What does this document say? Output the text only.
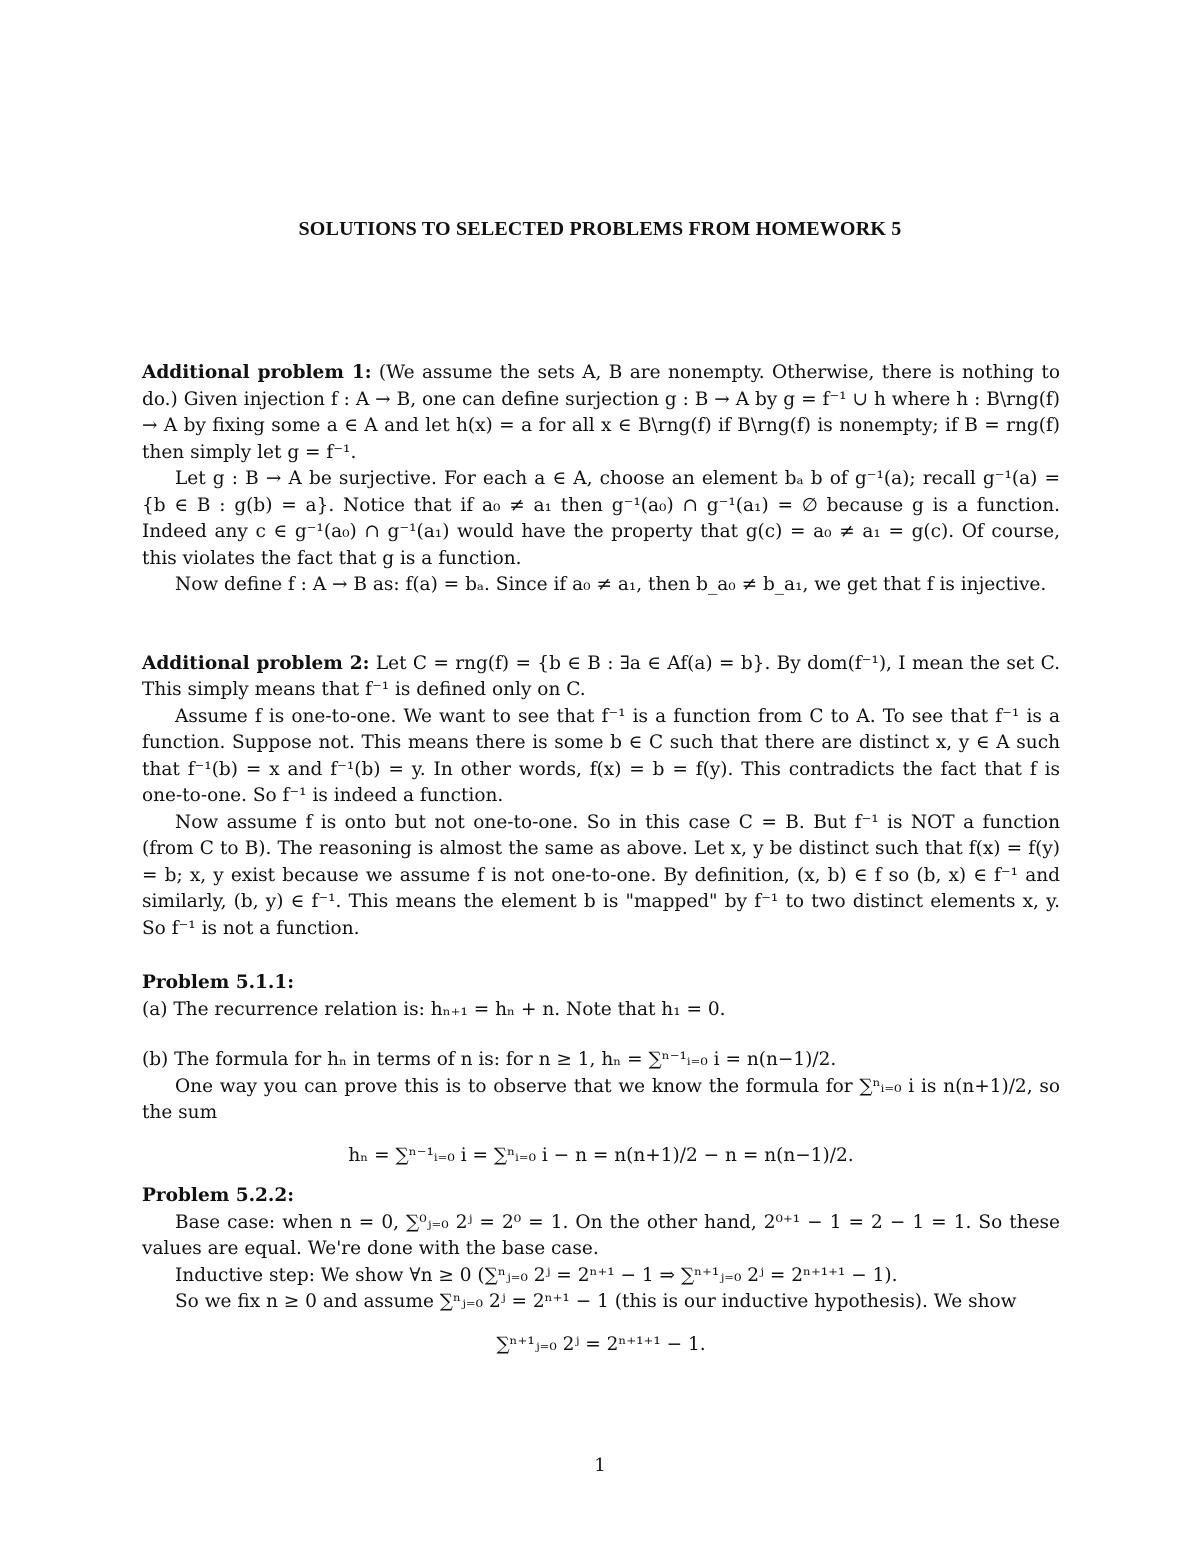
SOLUTIONS TO SELECTED PROBLEMS FROM HOMEWORK 5

Additional problem 1: (We assume the sets A, B are nonempty. Otherwise, there is nothing to do.) Given injection f : A → B, one can define surjection g : B → A by g = f⁻¹ ∪ h where h : B\rng(f) → A by fixing some a ∈ A and let h(x) = a for all x ∈ B\rng(f) if B\rng(f) is nonempty; if B = rng(f) then simply let g = f⁻¹.

Let g : B → A be surjective. For each a ∈ A, choose an element bₐ b of g⁻¹(a); recall g⁻¹(a) = {b ∈ B : g(b) = a}. Notice that if a₀ ≠ a₁ then g⁻¹(a₀) ∩ g⁻¹(a₁) = ∅ because g is a function. Indeed any c ∈ g⁻¹(a₀) ∩ g⁻¹(a₁) would have the property that g(c) = a₀ ≠ a₁ = g(c). Of course, this violates the fact that g is a function.

Now define f : A → B as: f(a) = bₐ. Since if a₀ ≠ a₁, then b_a₀ ≠ b_a₁, we get that f is injective.

Additional problem 2: Let C = rng(f) = {b ∈ B : ∃a ∈ Af(a) = b}. By dom(f⁻¹), I mean the set C. This simply means that f⁻¹ is defined only on C.

Assume f is one-to-one. We want to see that f⁻¹ is a function from C to A. To see that f⁻¹ is a function. Suppose not. This means there is some b ∈ C such that there are distinct x, y ∈ A such that f⁻¹(b) = x and f⁻¹(b) = y. In other words, f(x) = b = f(y). This contradicts the fact that f is one-to-one. So f⁻¹ is indeed a function.

Now assume f is onto but not one-to-one. So in this case C = B. But f⁻¹ is NOT a function (from C to B). The reasoning is almost the same as above. Let x, y be distinct such that f(x) = f(y) = b; x, y exist because we assume f is not one-to-one. By definition, (x, b) ∈ f so (b, x) ∈ f⁻¹ and similarly, (b, y) ∈ f⁻¹. This means the element b is "mapped" by f⁻¹ to two distinct elements x, y. So f⁻¹ is not a function.

Problem 5.1.1:

(a) The recurrence relation is: hₙ₊₁ = hₙ + n. Note that h₁ = 0.

(b) The formula for hₙ in terms of n is: for n ≥ 1, hₙ = ∑ⁿ⁻¹ᵢ₌₀ i = n(n−1)/2.

One way you can prove this is to observe that we know the formula for ∑ⁿᵢ₌₀ i is n(n+1)/2, so the sum

hₙ = ∑ⁿ⁻¹ᵢ₌₀ i = ∑ⁿᵢ₌₀ i − n = n(n+1)/2 − n = n(n−1)/2.

Problem 5.2.2:

Base case: when n = 0, ∑⁰ⱼ₌₀ 2ʲ = 2⁰ = 1. On the other hand, 2⁰⁺¹ − 1 = 2 − 1 = 1. So these values are equal. We're done with the base case.

Inductive step: We show ∀n ≥ 0 (∑ⁿⱼ₌₀ 2ʲ = 2ⁿ⁺¹ − 1 ⇒ ∑ⁿ⁺¹ⱼ₌₀ 2ʲ = 2ⁿ⁺¹⁺¹ − 1).

So we fix n ≥ 0 and assume ∑ⁿⱼ₌₀ 2ʲ = 2ⁿ⁺¹ − 1 (this is our inductive hypothesis). We show

∑ⁿ⁺¹ⱼ₌₀ 2ʲ = 2ⁿ⁺¹⁺¹ − 1.

1
